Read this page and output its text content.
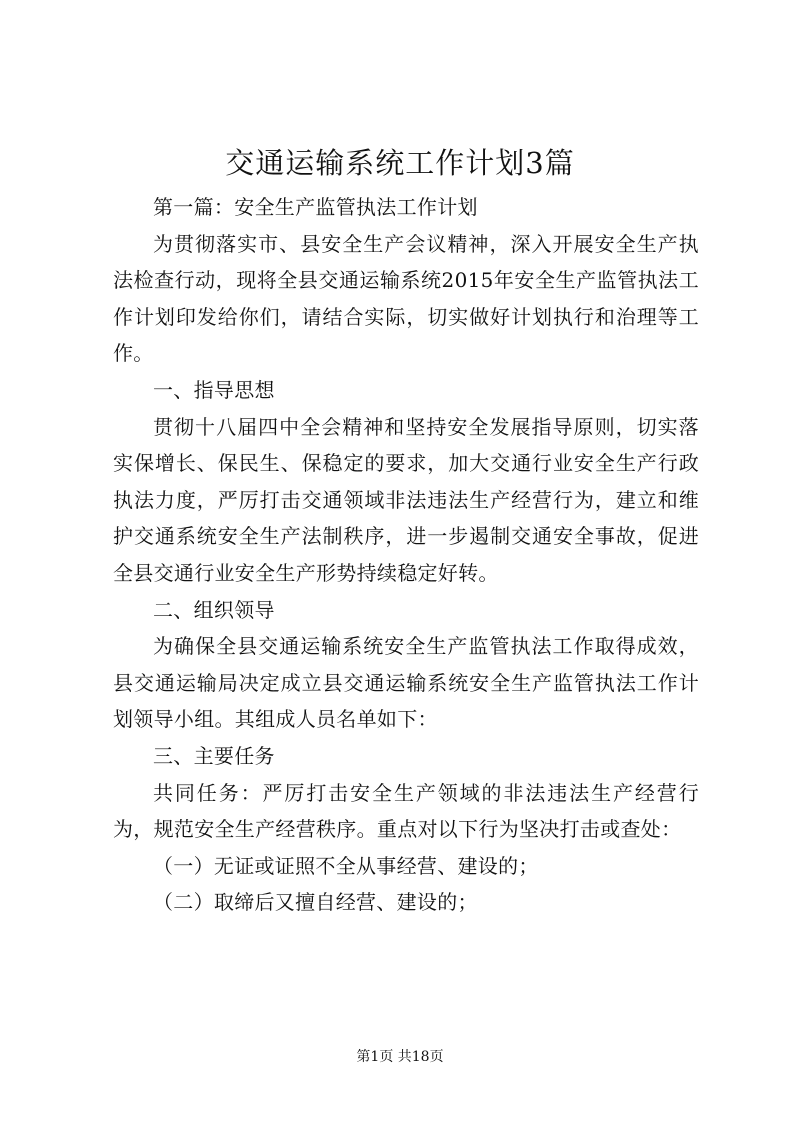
交通运输系统工作计划3篇

第一篇：安全生产监管执法工作计划

为贯彻落实市、县安全生产会议精神，深入开展安全生产执法检查行动，现将全县交通运输系统2015年安全生产监管执法工作计划印发给你们，请结合实际，切实做好计划执行和治理等工作。

一、指导思想

贯彻十八届四中全会精神和坚持安全发展指导原则，切实落实保增长、保民生、保稳定的要求，加大交通行业安全生产行政执法力度，严厉打击交通领域非法违法生产经营行为，建立和维护交通系统安全生产法制秩序，进一步遏制交通安全事故，促进全县交通行业安全生产形势持续稳定好转。

二、组织领导

为确保全县交通运输系统安全生产监管执法工作取得成效，县交通运输局决定成立县交通运输系统安全生产监管执法工作计划领导小组。其组成人员名单如下：

三、主要任务

共同任务：严厉打击安全生产领域的非法违法生产经营行为，规范安全生产经营秩序。重点对以下行为坚决打击或查处：

（一）无证或证照不全从事经营、建设的；

（二）取缔后又擅自经营、建设的；

第1页 共18页
